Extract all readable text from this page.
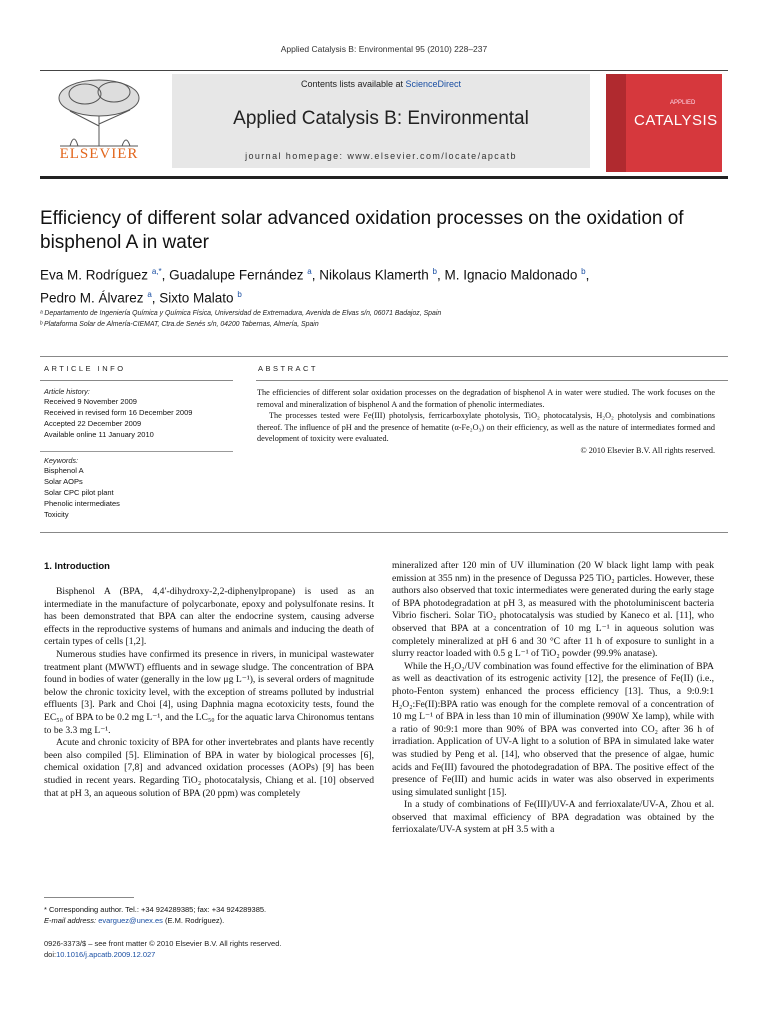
Applied Catalysis B: Environmental 95 (2010) 228–237
ELSEVIER
Contents lists available at ScienceDirect
Applied Catalysis B: Environmental
journal homepage: www.elsevier.com/locate/apcatb
APPLIED
CATALYSIS
Efficiency of different solar advanced oxidation processes on the oxidation of bisphenol A in water
Eva M. Rodríguez $^{a,*}$, Guadalupe Fernández $^a$, Nikolaus Klamerth $^b$, M. Ignacio Maldonado $^b$,
Pedro M. Álvarez $^a$, Sixto Malato $^b$
ᵃ Departamento de Ingeniería Química y Química Física, Universidad de Extremadura, Avenida de Elvas s/n, 06071 Badajoz, Spain
ᵇ Plataforma Solar de Almería-CIEMAT, Ctra.de Senés s/n, 04200 Tabernas, Almería, Spain
ARTICLE INFO
Article history:
Received 9 November 2009
Received in revised form 16 December 2009
Accepted 22 December 2009
Available online 11 January 2010
Keywords:
Bisphenol A
Solar AOPs
Solar CPC pilot plant
Phenolic intermediates
Toxicity
ABSTRACT

The efficiencies of different solar oxidation processes on the degradation of bisphenol A in water were studied. The work focuses on the removal and mineralization of bisphenol A and the formation of phenolic intermediates.

The processes tested were Fe(III) photolysis, ferricarboxylate photolysis, TiO₂ photocatalysis, H₂O₂ photolysis and combinations thereof. The influence of pH and the presence of hematite (α-Fe₂O₃) on their efficiency, as well as the nature of intermediates formed and development of toxicity were evaluated.

© 2010 Elsevier B.V. All rights reserved.

1. Introduction

Bisphenol A (BPA, 4,4′-dihydroxy-2,2-diphenylpropane) is used as an intermediate in the manufacture of polycarbonate, epoxy and polysulfonate resins. It has been demonstrated that BPA can alter the endocrine system, causing adverse effects in the reproductive systems of humans and animals and inducing the death of certain types of cells [1,2].

Numerous studies have confirmed its presence in rivers, in municipal wastewater treatment plant (MWWT) effluents and in sewage sludge. The concentration of BPA found in bodies of water (generally in the low μg L⁻¹), is several orders of magnitude below the chronic toxicity level, with the exception of streams polluted by industrial effluents [3]. Park and Choi [4], using Daphnia magna ecotoxicity tests, found the EC₅₀ of BPA to be 0.2 mg L⁻¹, and the LC₅₀ for the aquatic larva Chironomus tentans to be 3.3 mg L⁻¹.

Acute and chronic toxicity of BPA for other invertebrates and plants have recently been also compiled [5]. Elimination of BPA in water by biological processes [6], chemical oxidation [7,8] and advanced oxidation processes (AOPs) [9] has been studied in recent years. Regarding TiO₂ photocatalysis, Chiang et al. [10] observed that at pH 3, an aqueous solution of BPA (20 ppm) was completely

mineralized after 120 min of UV illumination (20 W black light lamp with peak emission at 355 nm) in the presence of Degussa P25 TiO₂ particles. However, these authors also observed that toxic intermediates were generated during the early stage of BPA photodegradation at pH 3, as measured with the photoluminiscent bacteria Vibrio fischeri. Solar TiO₂ photocatalysis was studied by Kaneco et al. [11], who observed that BPA at a concentration of 10 mg L⁻¹ in aqueous solution was completely mineralized at pH 6 and 30 °C after 11 h of exposure to sunlight in a slurry reactor loaded with 0.5 g L⁻¹ of TiO₂ powder (99.9% anatase).

While the H₂O₂/UV combination was found effective for the elimination of BPA as well as deactivation of its estrogenic activity [12], the presence of Fe(II) (i.e., photo-Fenton system) enhanced the process efficiency [13]. Thus, a 9:0.9:1 H₂O₂:Fe(II):BPA ratio was enough for the complete removal of a concentration of 10 mg L⁻¹ of BPA in less than 10 min of illumination (990W Xe lamp), while with a ratio of 90:9:1 more than 90% of BPA was converted into CO₂ after 36 h of irradiation. Application of UV-A light to a solution of BPA in simulated lake water was studied by Peng et al. [14], who observed that the presence of algae, humic acids and Fe(III) favoured the photodegradation of BPA. The positive effect of the presence of Fe(III) and humic acids in water was also observed in experiments using simulated sunlight [15].

In a study of combinations of Fe(III)/UV-A and ferrioxalate/UV-A, Zhou et al. observed that maximal efficiency of BPA degradation was obtained by the ferrioxalate/UV-A system at pH 3.5 with a

* Corresponding author. Tel.: +34 924289385; fax: +34 924289385.
E-mail address: evarguez@unex.es (E.M. Rodríguez).
0926-3373/$ – see front matter © 2010 Elsevier B.V. All rights reserved.
doi:10.1016/j.apcatb.2009.12.027
